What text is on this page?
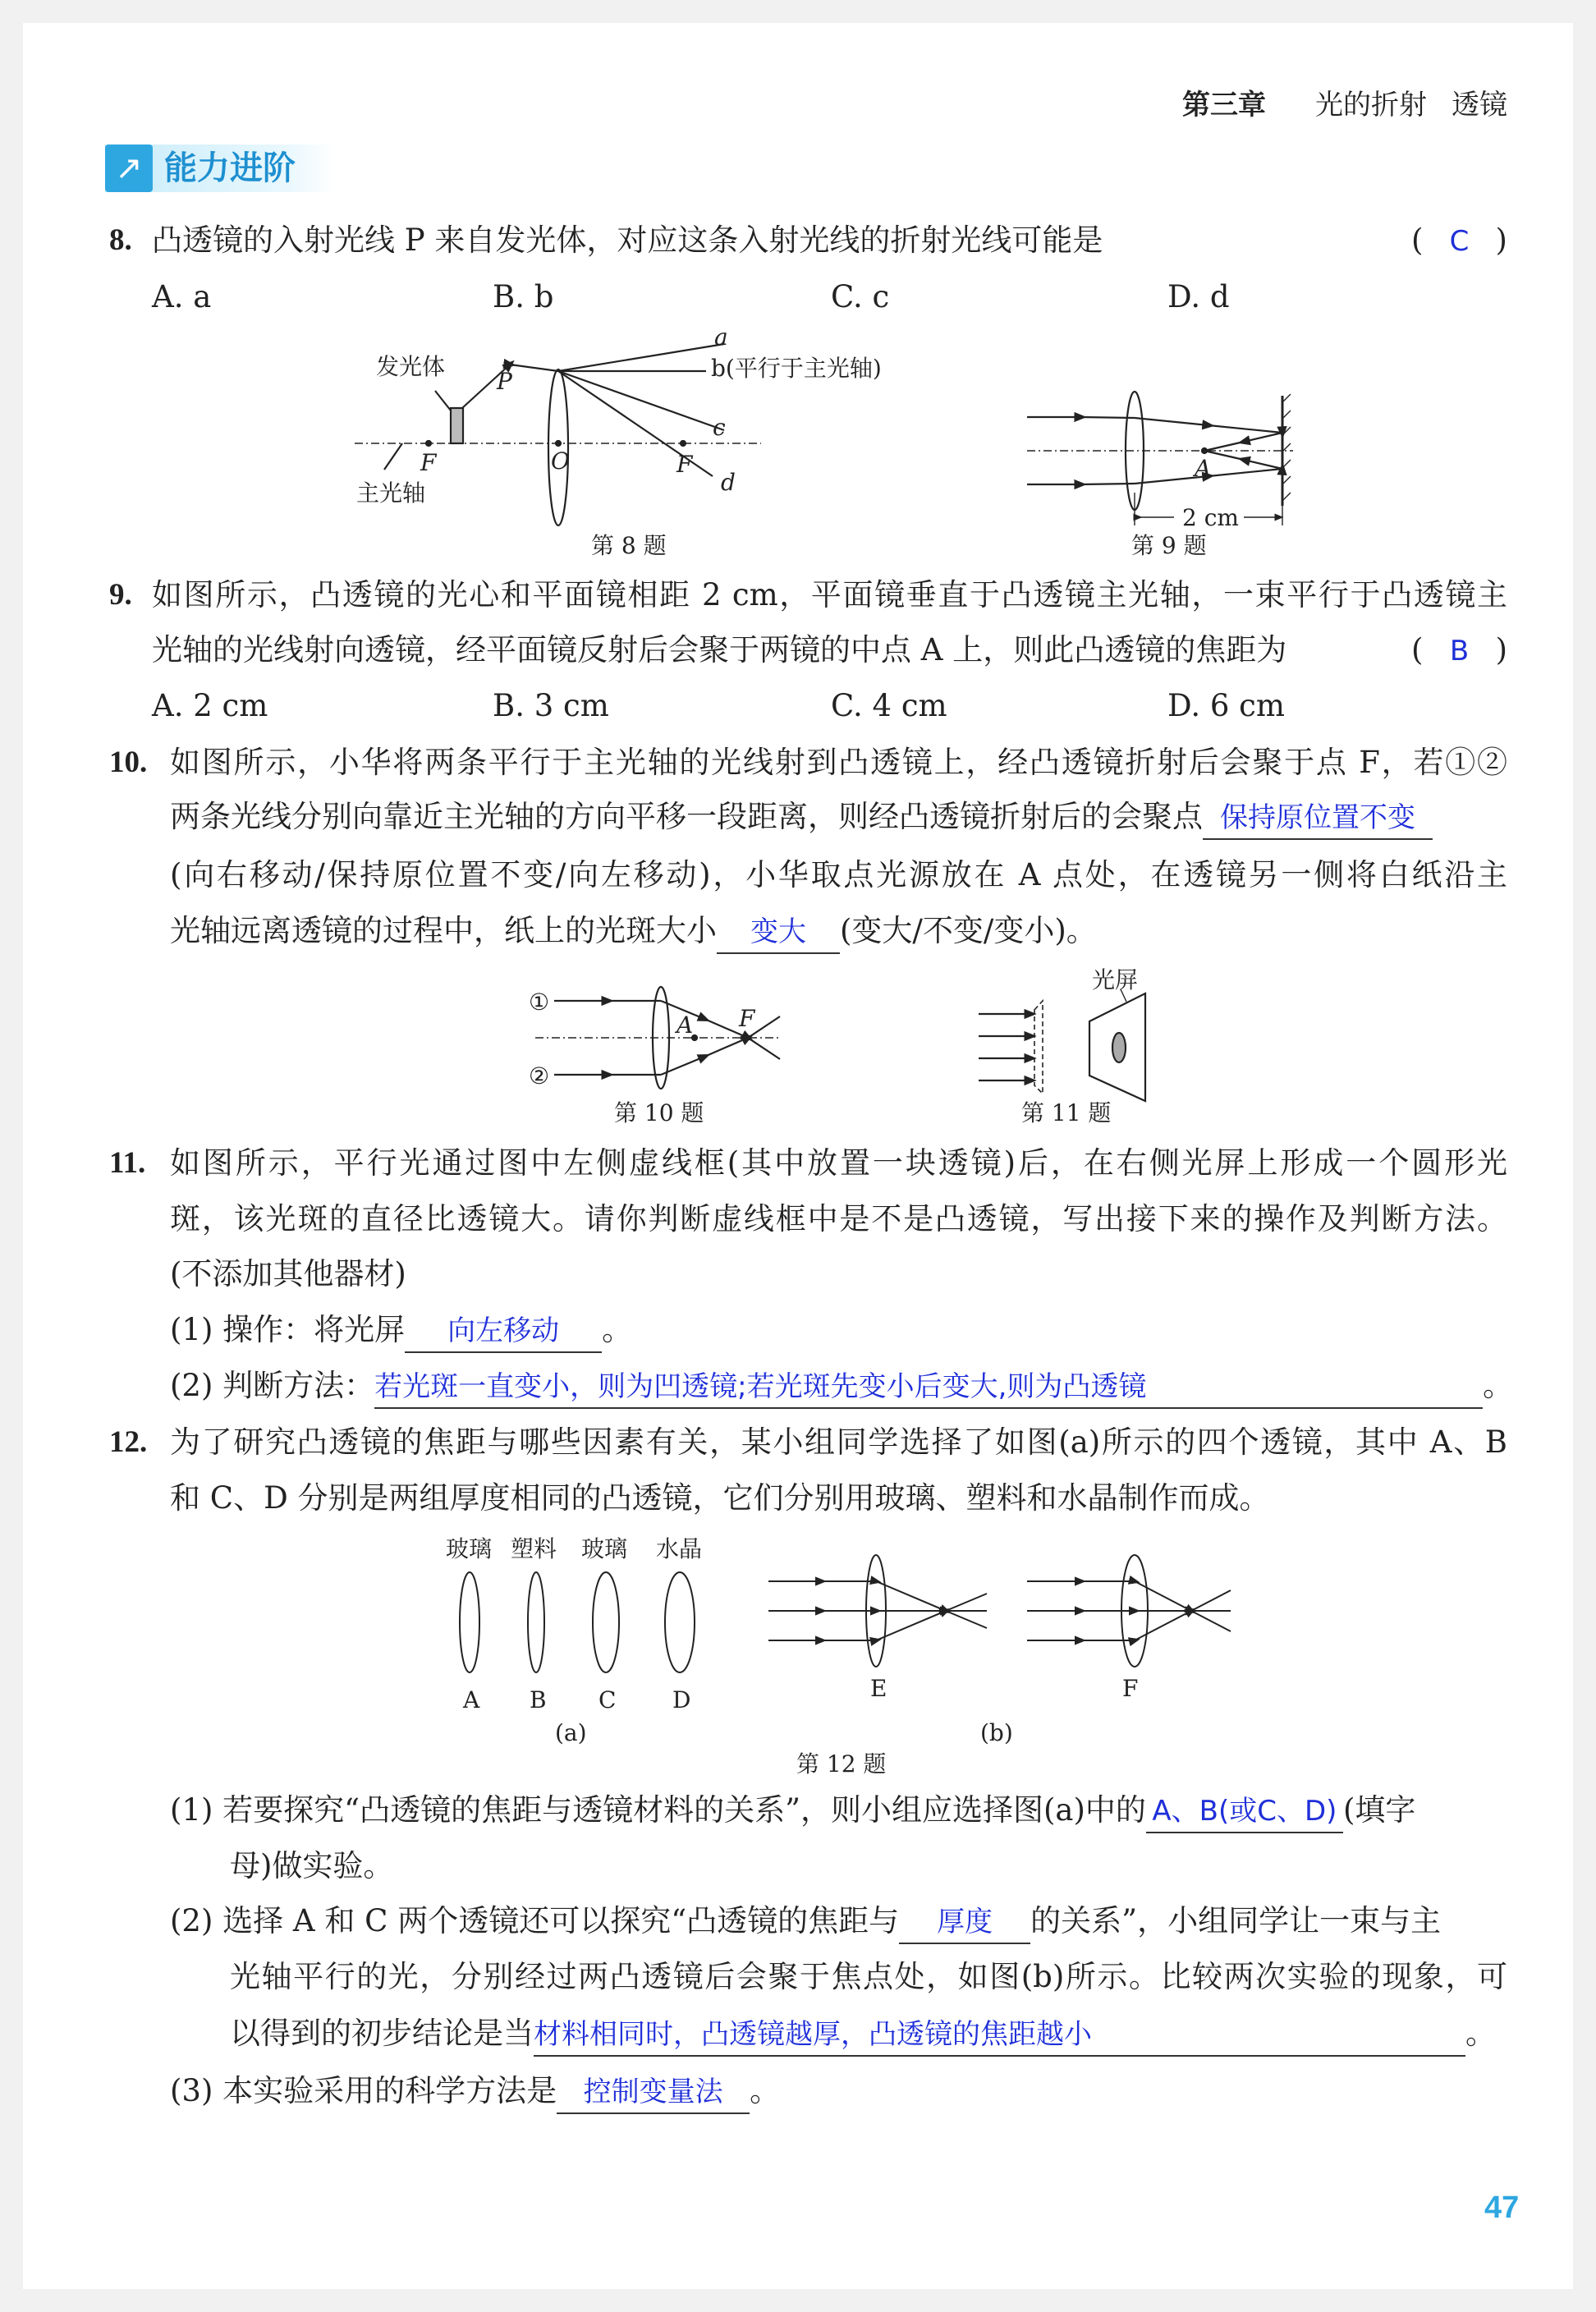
第三章 光的折射 透镜
↗ 能力进阶
8. 凸透镜的入射光线 P 来自发光体，对应这条入射光线的折射光线可能是	( C )
A. a	B. b	C. c	D. d
9. 如图所示，凸透镜的光心和平面镜相距 2 cm，平面镜垂直于凸透镜主光轴，一束平行于凸透镜主
光轴的光线射向透镜，经平面镜反射后会聚于两镜的中点 A 上，则此凸透镜的焦距为	( B )
A. 2 cm	B. 3 cm	C. 4 cm	D. 6 cm
10. 如图所示，小华将两条平行于主光轴的光线射到凸透镜上，经凸透镜折射后会聚于点 F，若①②
两条光线分别向靠近主光轴的方向平移一段距离，则经凸透镜折射后的会聚点 保持原位置不变
(向右移动/保持原位置不变/向左移动)，小华取点光源放在 A 点处，在透镜另一侧将白纸沿主
光轴远离透镜的过程中，纸上的光斑大小 变大 (变大/不变/变小)。
11. 如图所示，平行光通过图中左侧虚线框(其中放置一块透镜)后，在右侧光屏上形成一个圆形光
斑，该光斑的直径比透镜大。请你判断虚线框中是不是凸透镜，写出接下来的操作及判断方法。
(不添加其他器材)
(1) 操作：将光屏 向左移动 。
(2) 判断方法：若光斑一直变小，则为凹透镜;若光斑先变小后变大,则为凸透镜	。
12. 为了研究凸透镜的焦距与哪些因素有关，某小组同学选择了如图(a)所示的四个透镜，其中 A、B
和 C、D 分别是两组厚度相同的凸透镜，它们分别用玻璃、塑料和水晶制作而成。
(1) 若要探究“凸透镜的焦距与透镜材料的关系”，则小组应选择图(a)中的 A、B(或C、D) (填字
母)做实验。
(2) 选择 A 和 C 两个透镜还可以探究“凸透镜的焦距与 厚度 的关系”，小组同学让一束与主
光轴平行的光，分别经过两凸透镜后会聚于焦点处，如图(b)所示。比较两次实验的现象，可
以得到的初步结论是当材料相同时，凸透镜越厚，凸透镜的焦距越小	。
(3) 本实验采用的科学方法是 控制变量法 。
47
发光体
P
a
b(平行于主光轴)
c
d
F	O	F
主光轴
第 8 题
A
2 cm
第 9 题
①
②
A F
第 10 题
光屏
第 11 题
玻璃 塑料 玻璃 水晶
A B C D
(a)
E	F
(b)
第 12 题
